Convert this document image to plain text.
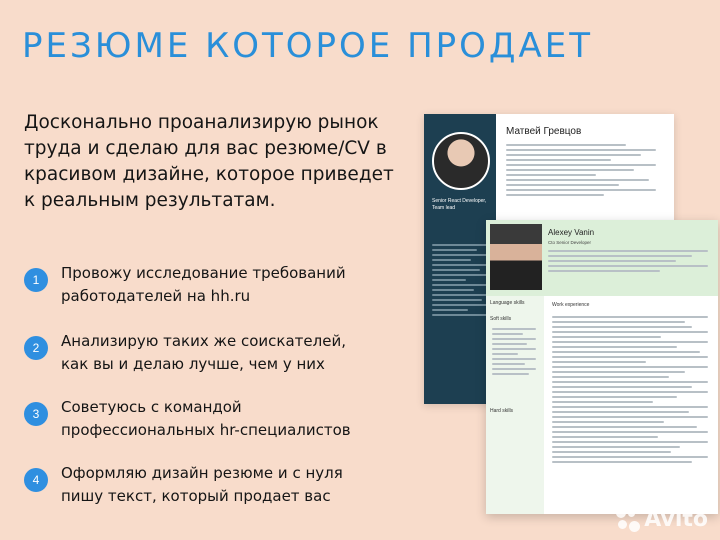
РЕЗЮМЕ КОТОРОЕ ПРОДАЕТ
Досконально проанализирую рынок труда и сделаю для вас резюме/CV в красивом дизайне, которое приведет к реальным результатам.
1	Провожу исследование требований работодателей на hh.ru
2	Анализирую таких же соискателей, как вы и делаю лучше, чем у них
3	Советуюсь с командой профессиональных hr-специалистов
4	Оформляю дизайн резюме и с нуля пишу текст, который продает вас
Senior React Developer, Team lead
Матвей Гревцов
Alexey Vanin
Cto Senior Developer
Language skills
Soft skills
Hard skills
Work experience
Avito
